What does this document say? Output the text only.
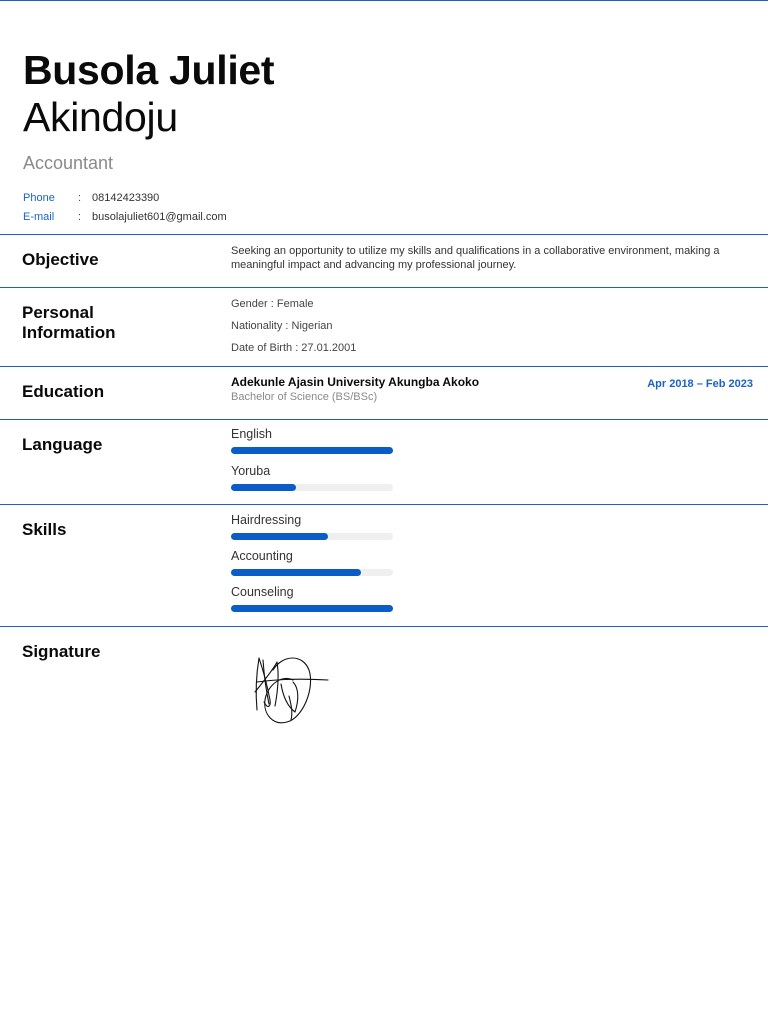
Busola Juliet
Akindoju
Accountant
Phone	: 08142423390
E-mail	: busolajuliet601@gmail.com
Objective	Seeking an opportunity to utilize my skills and qualifications in a collaborative environment, making a meaningful impact and advancing my professional journey.
Personal
Information
Gender : Female
Nationality : Nigerian
Date of Birth : 27.01.2001
Education	Adekunle Ajasin University Akungba Akoko
Bachelor of Science (BS/BSc)
Apr 2018 – Feb 2023
Language
English
Yoruba
Skills	Hairdressing
Accounting
Counseling
Signature
